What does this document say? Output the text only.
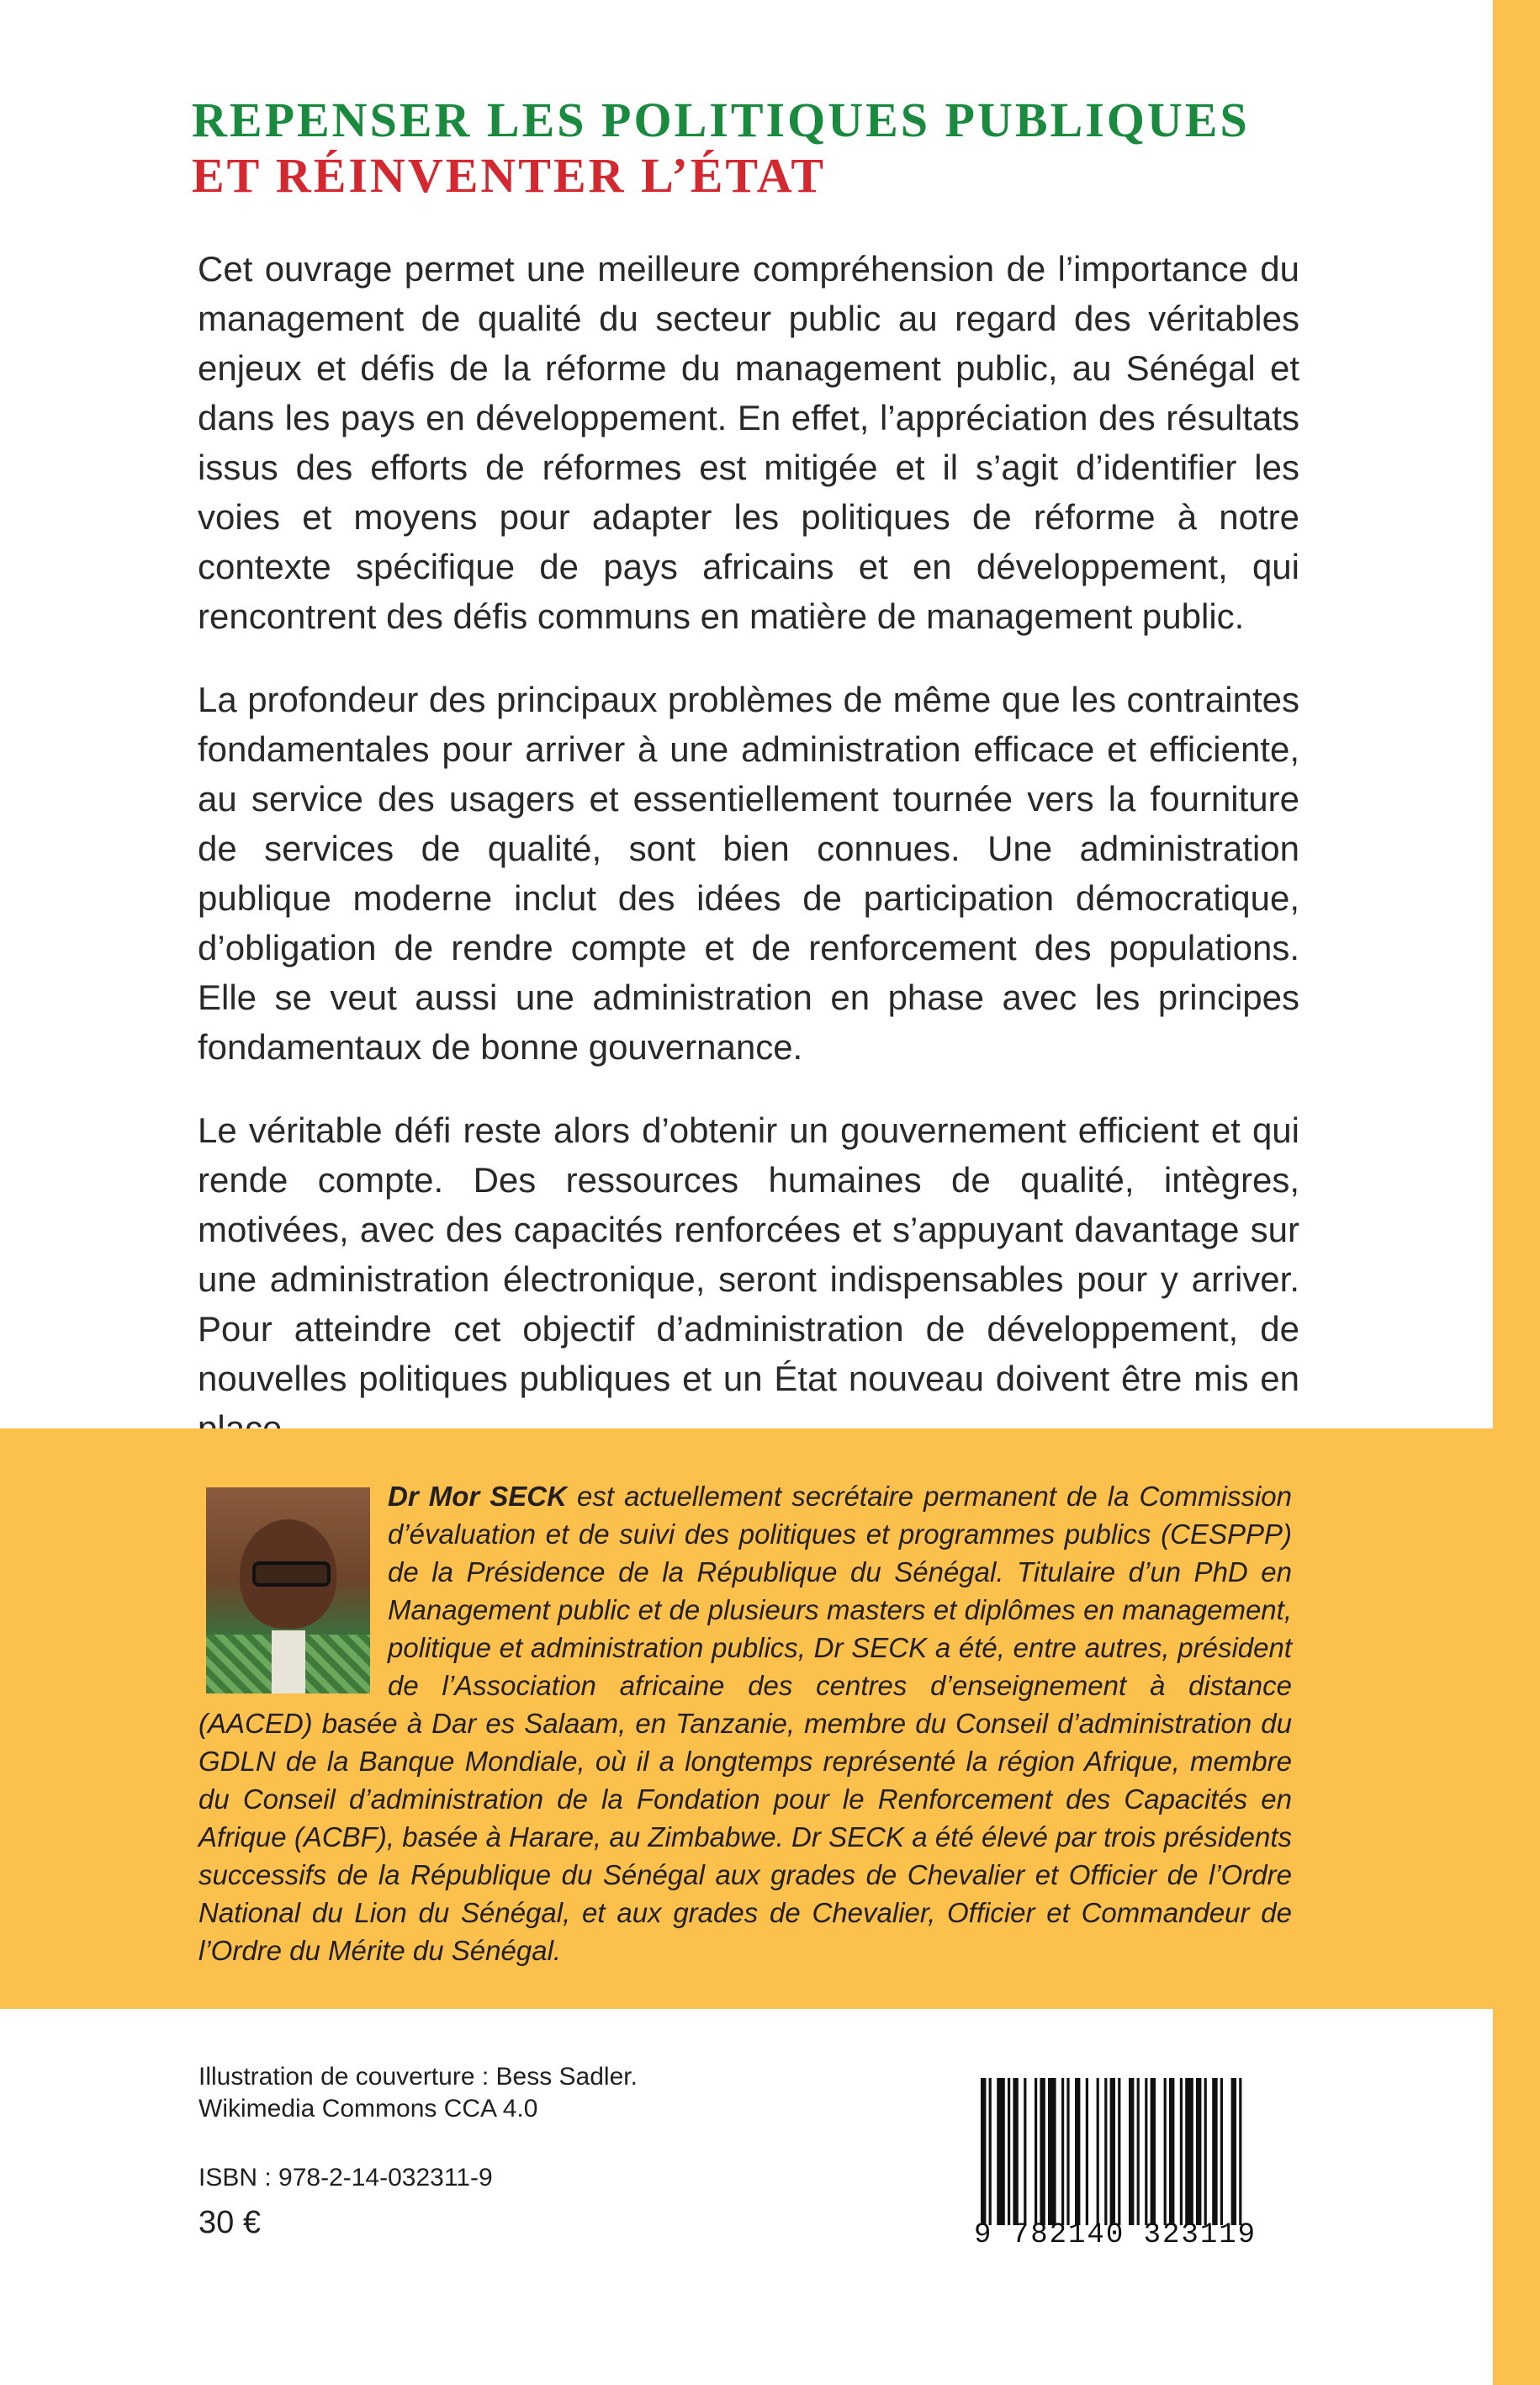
REPENSER LES POLITIQUES PUBLIQUES
ET RÉINVENTER L’ÉTAT

Cet ouvrage permet une meilleure compréhension de l’importance du management de qualité du secteur public au regard des véritables enjeux et défis de la réforme du management public, au Sénégal et dans les pays en développement. En effet, l’appréciation des résultats issus des efforts de réformes est mitigée et il s’agit d’identifier les voies et moyens pour adapter les politiques de réforme à notre contexte spécifique de pays africains et en développement, qui rencontrent des défis communs en matière de management public.

La profondeur des principaux problèmes de même que les contraintes fondamentales pour arriver à une administration efficace et efficiente, au service des usagers et essentiellement tournée vers la fourniture de services de qualité, sont bien connues. Une administration publique moderne inclut des idées de participation démocratique, d’obligation de rendre compte et de renforcement des populations. Elle se veut aussi une administration en phase avec les principes fondamentaux de bonne gouvernance.

Le véritable défi reste alors d’obtenir un gouvernement efficient et qui rende compte. Des ressources humaines de qualité, intègres, motivées, avec des capacités renforcées et s’appuyant davantage sur une administration électronique, seront indispensables pour y arriver. Pour atteindre cet objectif d’administration de développement, de nouvelles politiques publiques et un État nouveau doivent être mis en

Dr Mor SECK est actuellement secrétaire permanent de la Commission d’évaluation et de suivi des politiques et programmes publics (CESPPP) de la Présidence de la République du Sénégal. Titulaire d’un PhD en Management public et de plusieurs masters et diplômes en management, politique et administration publics, Dr SECK a été, entre autres, président de l’Association africaine des centres d’enseignement à distance (AACED) basée à Dar es Salaam, en Tanzanie, membre du Conseil d’administration du GDLN de la Banque Mondiale, où il a longtemps représenté la région Afrique, membre du Conseil d’administration de la Fondation pour le Renforcement des Capacités en Afrique (ACBF), basée à Harare, au Zimbabwe. Dr SECK a été élevé par trois présidents successifs de la République du Sénégal aux grades de Chevalier et Officier de l’Ordre National du Lion du Sénégal, et aux grades de Chevalier, Officier et Commandeur de l’Ordre du Mérite du Sénégal.
Illustration de couverture : Bess Sadler.
Wikimedia Commons CCA 4.0
ISBN : 978-2-14-032311-9
30 €	9 782140 323119
